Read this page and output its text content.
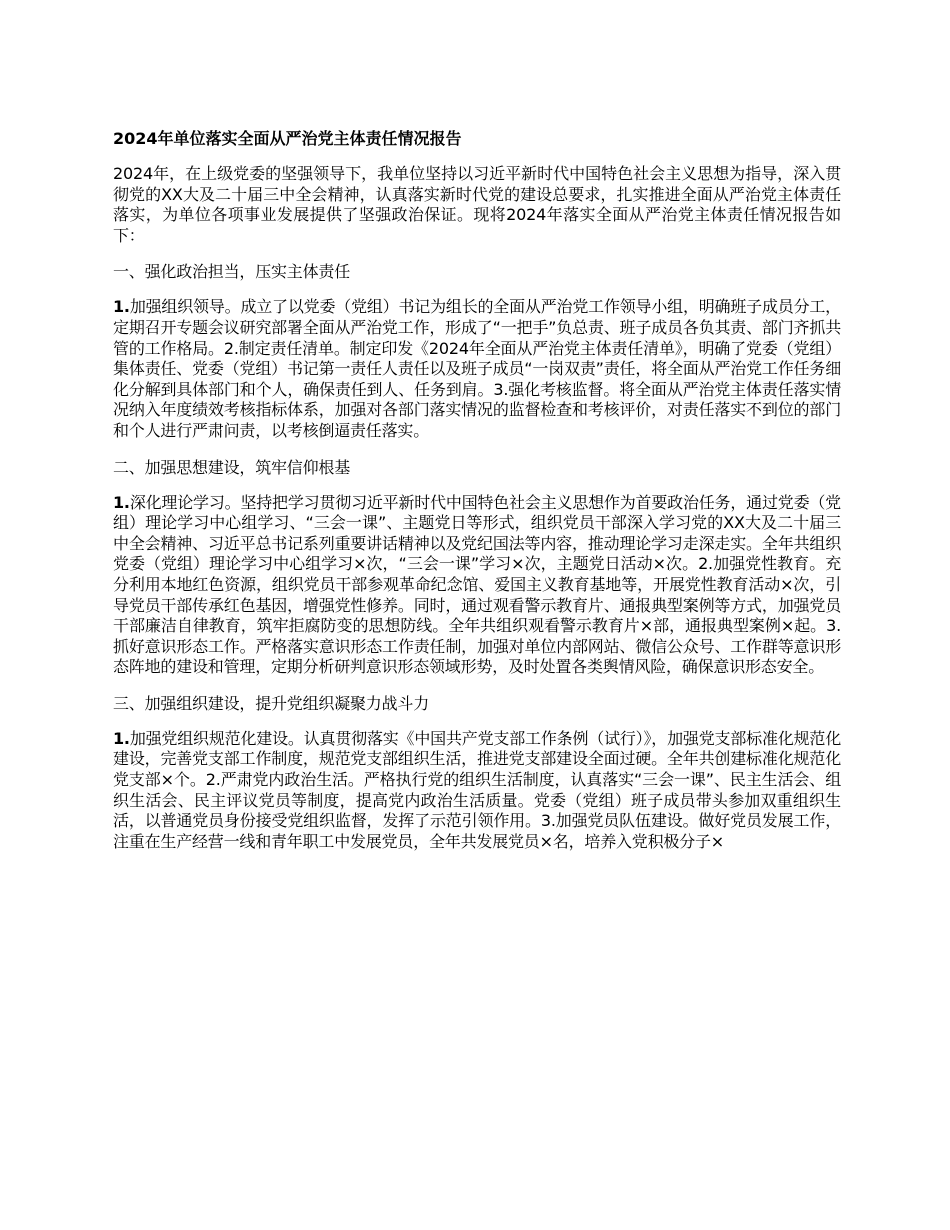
2024年单位落实全面从严治党主体责任情况报告

2024年，在上级党委的坚强领导下，我单位坚持以习近平新时代中国特色社会主义思想为指导，深入贯彻党的XX大及二十届三中全会精神，认真落实新时代党的建设总要求，扎实推进全面从严治党主体责任落实，为单位各项事业发展提供了坚强政治保证。现将2024年落实全面从严治党主体责任情况报告如下：

一、强化政治担当，压实主体责任

1.加强组织领导。成立了以党委（党组）书记为组长的全面从严治党工作领导小组，明确班子成员分工，定期召开专题会议研究部署全面从严治党工作，形成了“一把手”负总责、班子成员各负其责、部门齐抓共管的工作格局。2.制定责任清单。制定印发《2024年全面从严治党主体责任清单》，明确了党委（党组）集体责任、党委（党组）书记第一责任人责任以及班子成员“一岗双责”责任，将全面从严治党工作任务细化分解到具体部门和个人，确保责任到人、任务到肩。3.强化考核监督。将全面从严治党主体责任落实情况纳入年度绩效考核指标体系，加强对各部门落实情况的监督检查和考核评价，对责任落实不到位的部门和个人进行严肃问责，以考核倒逼责任落实。

二、加强思想建设，筑牢信仰根基

1.深化理论学习。坚持把学习贯彻习近平新时代中国特色社会主义思想作为首要政治任务，通过党委（党组）理论学习中心组学习、“三会一课”、主题党日等形式，组织党员干部深入学习党的XX大及二十届三中全会精神、习近平总书记系列重要讲话精神以及党纪国法等内容，推动理论学习走深走实。全年共组织党委（党组）理论学习中心组学习×次，“三会一课”学习×次，主题党日活动×次。2.加强党性教育。充分利用本地红色资源，组织党员干部参观革命纪念馆、爱国主义教育基地等，开展党性教育活动×次，引导党员干部传承红色基因，增强党性修养。同时，通过观看警示教育片、通报典型案例等方式，加强党员干部廉洁自律教育，筑牢拒腐防变的思想防线。全年共组织观看警示教育片×部，通报典型案例×起。3.抓好意识形态工作。严格落实意识形态工作责任制，加强对单位内部网站、微信公众号、工作群等意识形态阵地的建设和管理，定期分析研判意识形态领域形势，及时处置各类舆情风险，确保意识形态安全。

三、加强组织建设，提升党组织凝聚力战斗力

1.加强党组织规范化建设。认真贯彻落实《中国共产党支部工作条例（试行）》，加强党支部标准化规范化建设，完善党支部工作制度，规范党支部组织生活，推进党支部建设全面过硬。全年共创建标准化规范化党支部×个。2.严肃党内政治生活。严格执行党的组织生活制度，认真落实“三会一课”、民主生活会、组织生活会、民主评议党员等制度，提高党内政治生活质量。党委（党组）班子成员带头参加双重组织生活，以普通党员身份接受党组织监督，发挥了示范引领作用。3.加强党员队伍建设。做好党员发展工作，注重在生产经营一线和青年职工中发展党员，全年共发展党员×名，培养入党积极分子×
